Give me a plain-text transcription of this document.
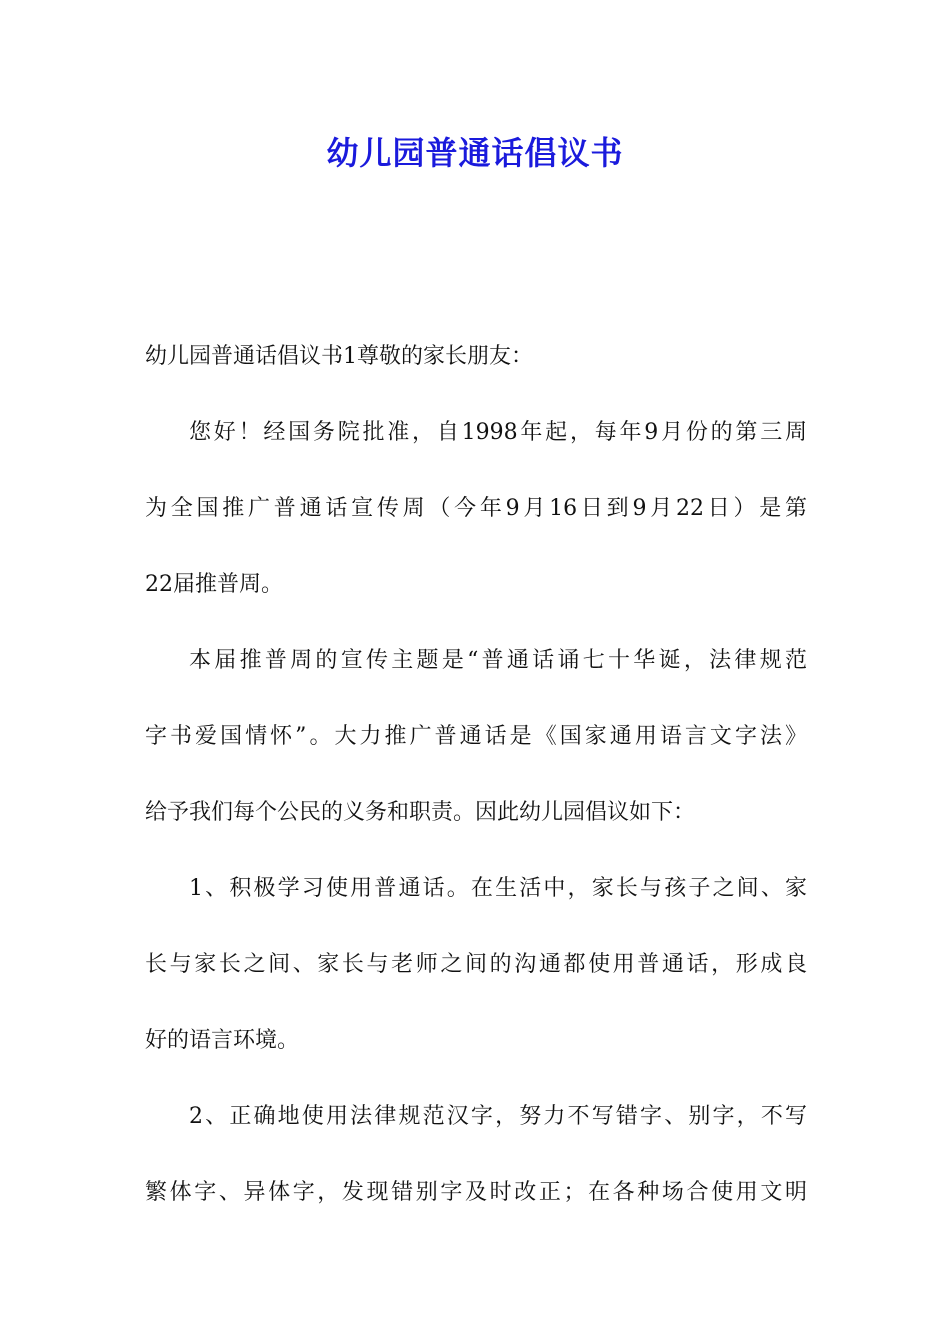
幼儿园普通话倡议书
幼儿园普通话倡议书1尊敬的家长朋友：
您好！经国务院批准，自1998年起，每年9月份的第三周
为全国推广普通话宣传周（今年9月16日到9月22日）是第
22届推普周。
本届推普周的宣传主题是“普通话诵七十华诞，法律规范
字书爱国情怀”。大力推广普通话是《国家通用语言文字法》
给予我们每个公民的义务和职责。因此幼儿园倡议如下：
1、积极学习使用普通话。在生活中，家长与孩子之间、家
长与家长之间、家长与老师之间的沟通都使用普通话，形成良
好的语言环境。
2、正确地使用法律规范汉字，努力不写错字、别字，不写
繁体字、异体字，发现错别字及时改正；在各种场合使用文明
